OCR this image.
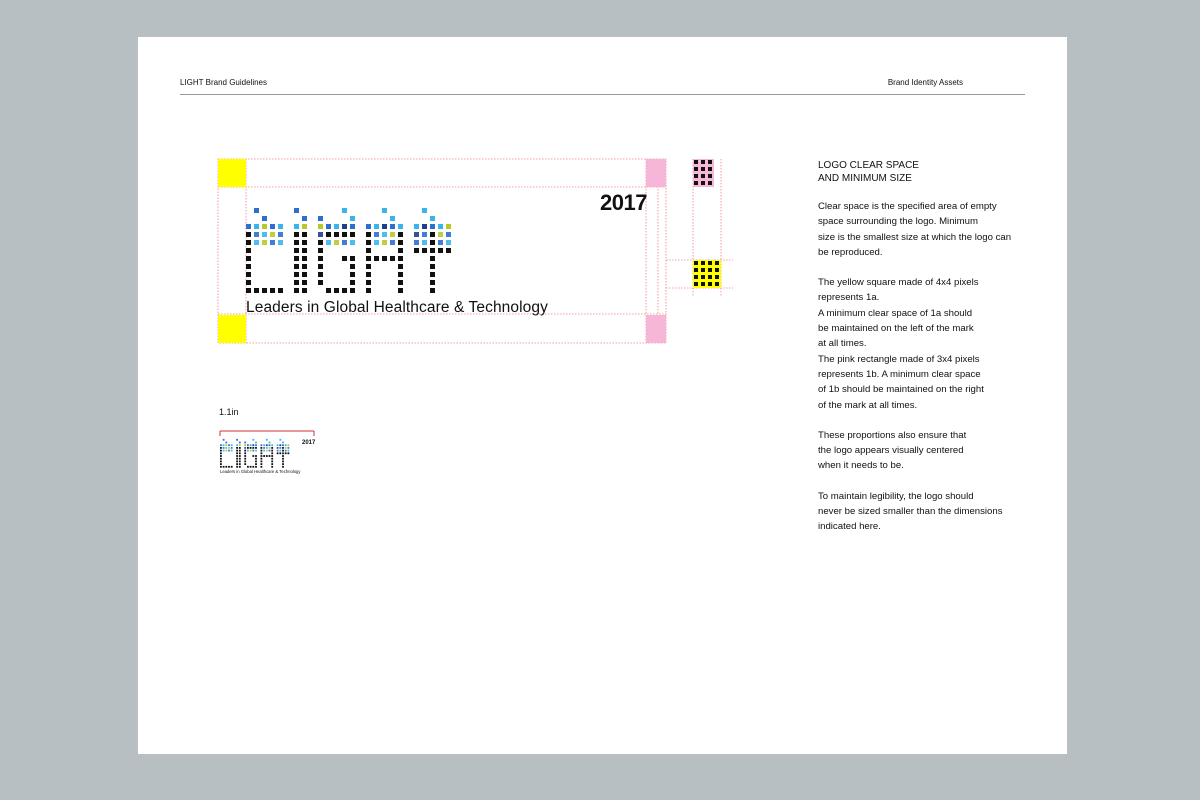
LIGHT Brand Guidelines	Brand Identity Assets
2017
Leaders in Global Healthcare & Technology
1.1in
2017
Leaders in Global Healthcare & Technology
LOGO CLEAR SPACE
AND MINIMUM SIZE

Clear space is the specified area of empty
space surrounding the logo. Minimum
size is the smallest size at which the logo can
be reproduced.

The yellow square made of 4x4 pixels
represents 1a.
A minimum clear space of 1a should
be maintained on the left of the mark
at all times.
The pink rectangle made of 3x4 pixels
represents 1b. A minimum clear space
of 1b should be maintained on the right
of the mark at all times.

These proportions also ensure that
the logo appears visually centered
when it needs to be.

To maintain legibility, the logo should
never be sized smaller than the dimensions
indicated here.
